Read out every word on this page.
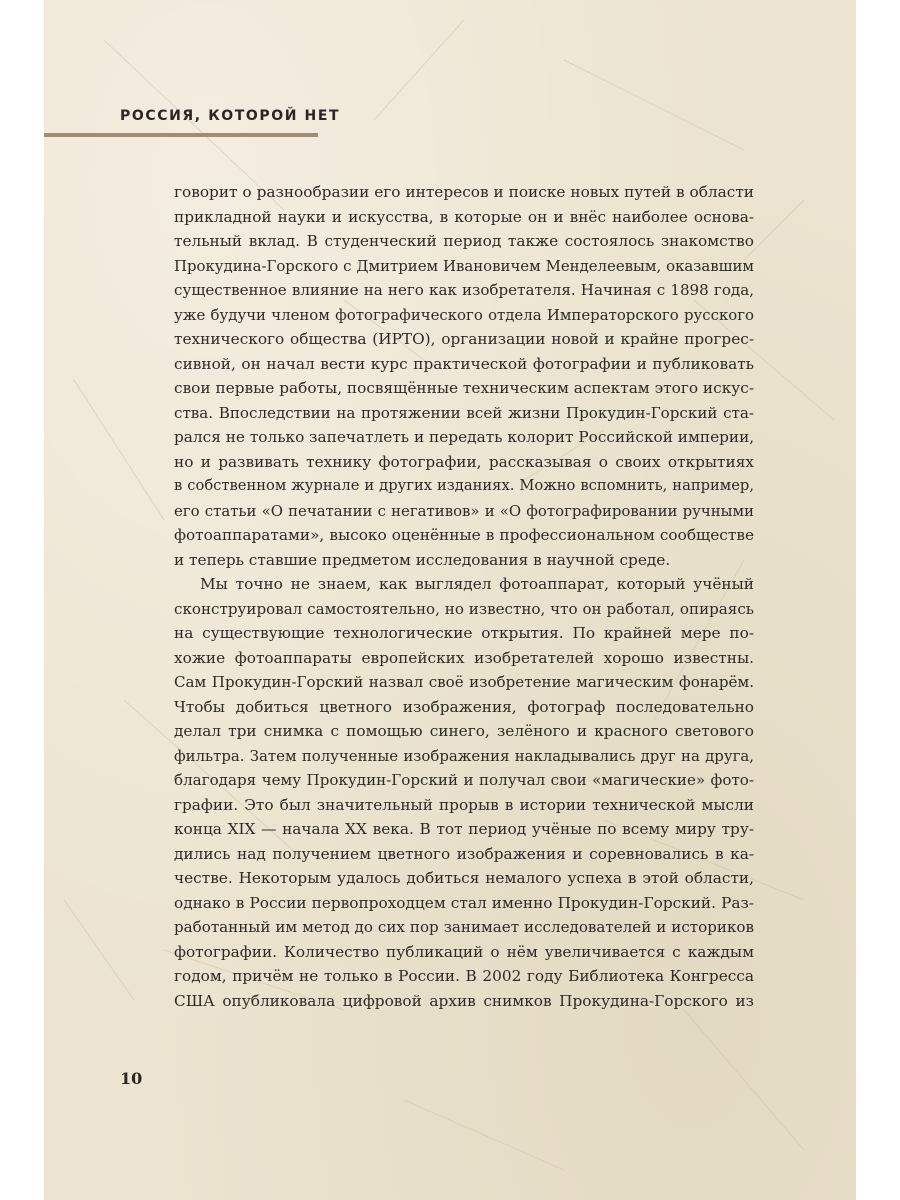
РОССИЯ, КОТОРОЙ НЕТ
говорит о разнообразии его интересов и поиске новых путей в области
прикладной науки и искусства, в которые он и внёс наиболее основа-
тельный вклад. В студенческий период также состоялось знакомство
Прокудина-Горского с Дмитрием Ивановичем Менделеевым, оказавшим
существенное влияние на него как изобретателя. Начиная с 1898 года,
уже будучи членом фотографического отдела Императорского русского
технического общества (ИРТО), организации новой и крайне прогрес-
сивной, он начал вести курс практической фотографии и публиковать
свои первые работы, посвящённые техническим аспектам этого искус-
ства. Впоследствии на протяжении всей жизни Прокудин-Горский ста-
рался не только запечатлеть и передать колорит Российской империи,
но и развивать технику фотографии, рассказывая о своих открытиях
в собственном журнале и других изданиях. Можно вспомнить, например,
его статьи «О печатании с негативов» и «О фотографировании ручными
фотоаппаратами», высоко оценённые в профессиональном сообществе
и теперь ставшие предметом исследования в научной среде.
Мы точно не знаем, как выглядел фотоаппарат, который учёный
сконструировал самостоятельно, но известно, что он работал, опираясь
на существующие технологические открытия. По крайней мере по-
хожие фотоаппараты европейских изобретателей хорошо известны.
Сам Прокудин-Горский назвал своё изобретение магическим фонарём.
Чтобы добиться цветного изображения, фотограф последовательно
делал три снимка с помощью синего, зелёного и красного светового
фильтра. Затем полученные изображения накладывались друг на друга,
благодаря чему Прокудин-Горский и получал свои «магические» фото-
графии. Это был значительный прорыв в истории технической мысли
конца XIX — начала XX века. В тот период учёные по всему миру тру-
дились над получением цветного изображения и соревновались в ка-
честве. Некоторым удалось добиться немалого успеха в этой области,
однако в России первопроходцем стал именно Прокудин-Горский. Раз-
работанный им метод до сих пор занимает исследователей и историков
фотографии. Количество публикаций о нём увеличивается с каждым
годом, причём не только в России. В 2002 году Библиотека Конгресса
США опубликовала цифровой архив снимков Прокудина-Горского из
10
